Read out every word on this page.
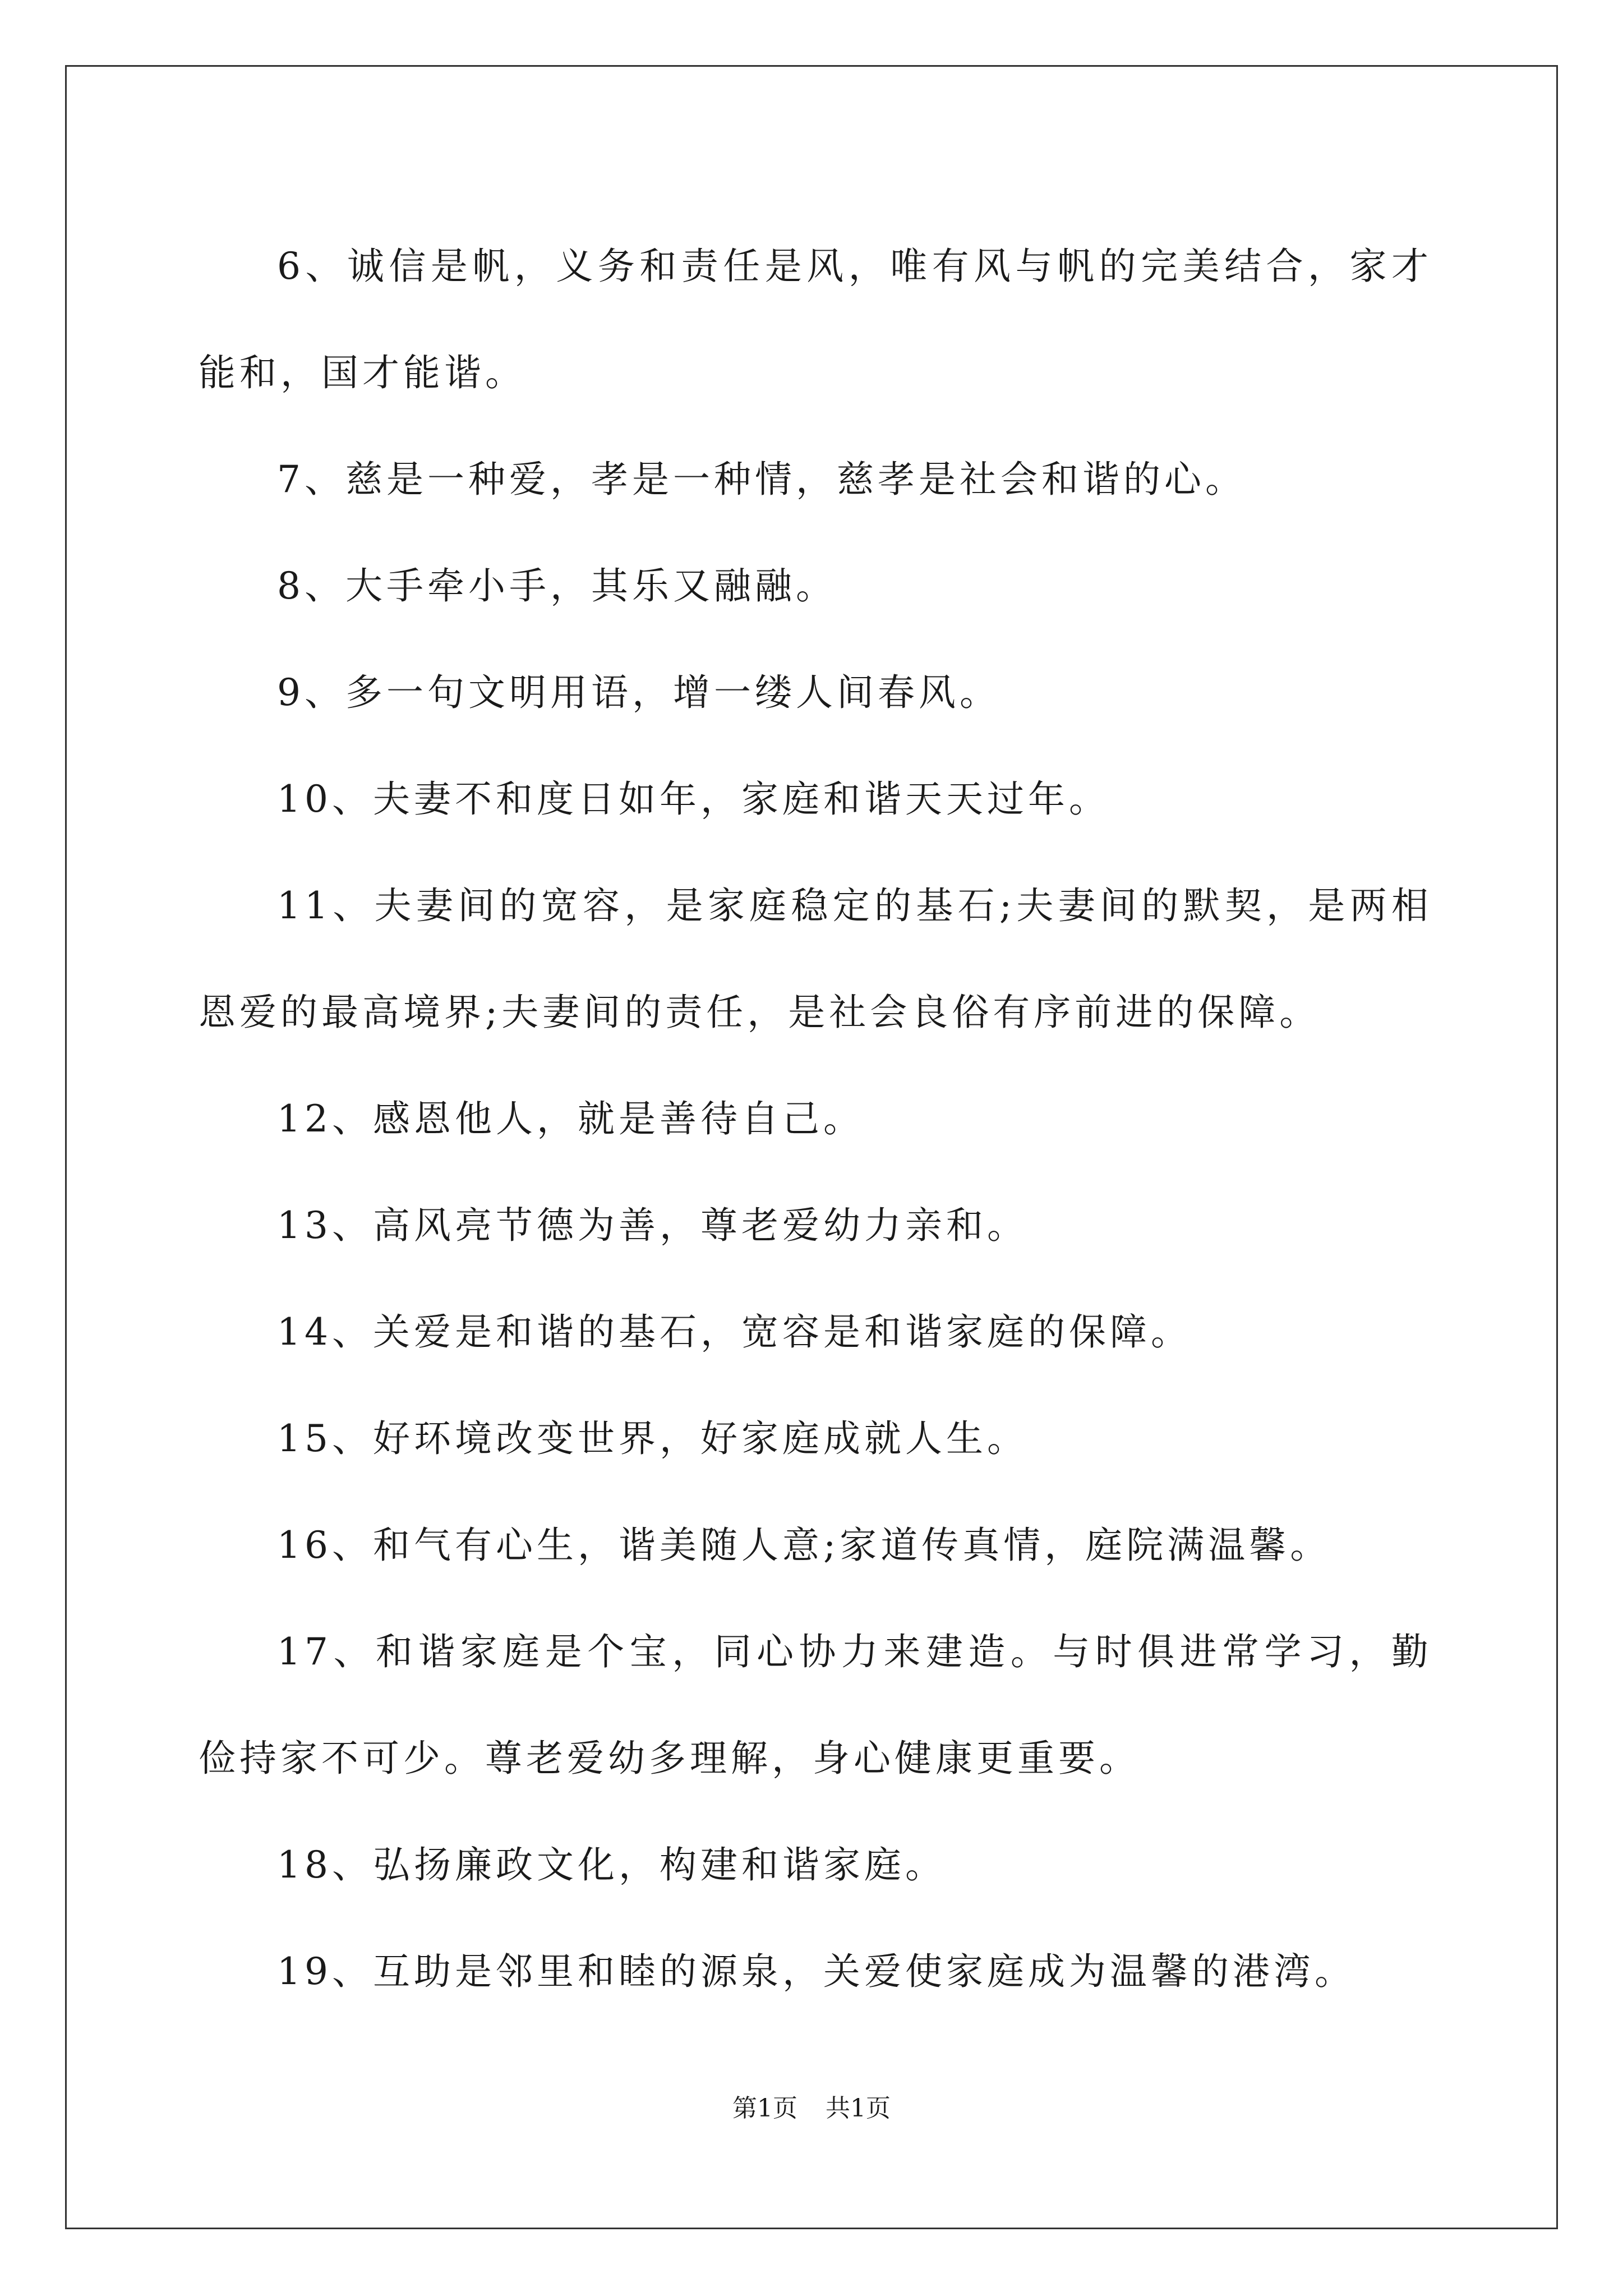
6、诚信是帆，义务和责任是风，唯有风与帆的完美结合，家才能和，国才能谐。

7、慈是一种爱，孝是一种情，慈孝是社会和谐的心。

8、大手牵小手，其乐又融融。

9、多一句文明用语，增一缕人间春风。

10、夫妻不和度日如年，家庭和谐天天过年。

11、夫妻间的宽容，是家庭稳定的基石;夫妻间的默契，是两相恩爱的最高境界;夫妻间的责任，是社会良俗有序前进的保障。

12、感恩他人，就是善待自己。

13、高风亮节德为善，尊老爱幼力亲和。

14、关爱是和谐的基石，宽容是和谐家庭的保障。

15、好环境改变世界，好家庭成就人生。

16、和气有心生，谐美随人意;家道传真情，庭院满温馨。

17、和谐家庭是个宝，同心协力来建造。与时俱进常学习，勤俭持家不可少。尊老爱幼多理解，身心健康更重要。

18、弘扬廉政文化，构建和谐家庭。

19、互助是邻里和睦的源泉，关爱使家庭成为温馨的港湾。

第1页 共1页
